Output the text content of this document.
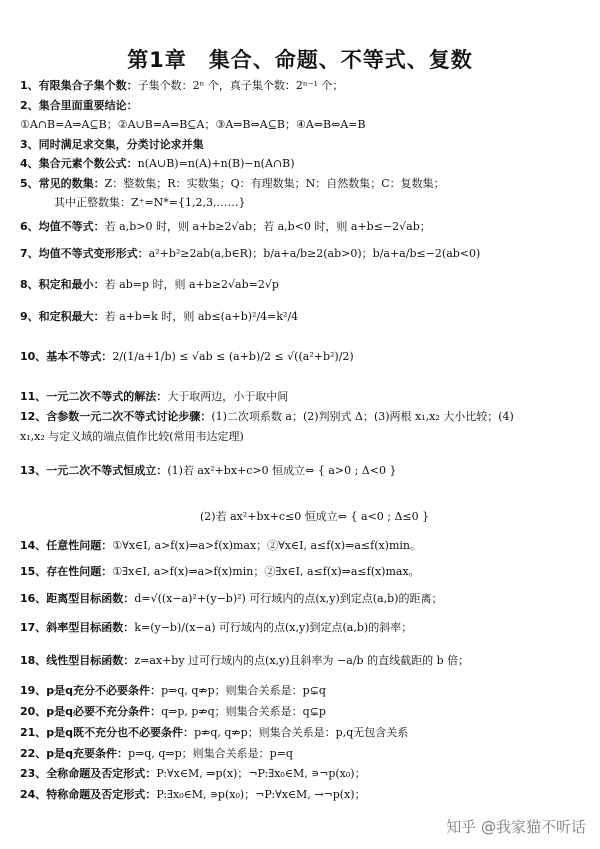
第1章　集合、命题、不等式、复数
1、有限集合子集个数：子集个数：2ⁿ 个，真子集个数：2ⁿ⁻¹ 个；
2、集合里面重要结论：
①A∩B=A⇒A⊆B；②A∪B=A⇒B⊆A；③A⇒B⇔A⊆B；④A⇔B⇔A=B
3、同时满足求交集，分类讨论求并集
4、集合元素个数公式：n(A∪B)=n(A)+n(B)−n(A∩B)
5、常见的数集：Z：整数集；R：实数集；Q：有理数集；N：自然数集；C：复数集；
其中正整数集：Z⁺=N*={1,2,3,……}
6、均值不等式：若 a,b>0 时，则 a+b≥2√ab；若 a,b<0 时，则 a+b≤−2√ab；
7、均值不等式变形形式：a²+b²≥2ab(a,b∈R)；b/a+a/b≥2(ab>0)；b/a+a/b≤−2(ab<0)
8、积定和最小：若 ab=p 时，则 a+b≥2√ab=2√p
9、和定积最大：若 a+b=k 时，则 ab≤(a+b)²/4=k²/4
10、基本不等式：2/(1/a+1/b) ≤ √ab ≤ (a+b)/2 ≤ √((a²+b²)/2)
11、一元二次不等式的解法：大于取两边，小于取中间
12、含参数一元二次不等式讨论步骤：(1)二次项系数 a；(2)判别式 Δ；(3)两根 x₁,x₂ 大小比较；(4)
x₁,x₂ 与定义域的端点值作比较(常用韦达定理)
13、一元二次不等式恒成立：(1)若 ax²+bx+c>0 恒成立⇔ { a>0 ; Δ<0 }
(2)若 ax²+bx+c≤0 恒成立⇔ { a<0 ; Δ≤0 }
14、任意性问题：①∀x∈I, a>f(x)⇒a>f(x)max；②∀x∈I, a≤f(x)⇒a≤f(x)min。
15、存在性问题：①∃x∈I, a>f(x)⇒a>f(x)min；②∃x∈I, a≤f(x)⇒a≤f(x)max。
16、距离型目标函数：d=√((x−a)²+(y−b)²) 可行域内的点(x,y)到定点(a,b)的距离；
17、斜率型目标函数：k=(y−b)/(x−a) 可行域内的点(x,y)到定点(a,b)的斜率；
18、线性型目标函数：z=ax+by 过可行域内的点(x,y)且斜率为 −a/b 的直线截距的 b 倍；
19、p是q充分不必要条件：p⇒q, q⇏p；则集合关系是：p⊊q
20、p是q必要不充分条件：q⇒p, p⇏q；则集合关系是：q⊊p
21、p是q既不充分也不必要条件：p⇏q, q⇏p；则集合关系是：p,q无包含关系
22、p是q充要条件：p⇒q, q⇒p；则集合关系是：p=q
23、全称命题及否定形式：P:∀x∈M, ⇒p(x)；¬P:∃x₀∈M, ∍¬p(x₀)；
24、特称命题及否定形式：P:∃x₀∈M, ∍p(x₀)；¬P:∀x∈M, →¬p(x)；
知乎 @我家猫不听话
